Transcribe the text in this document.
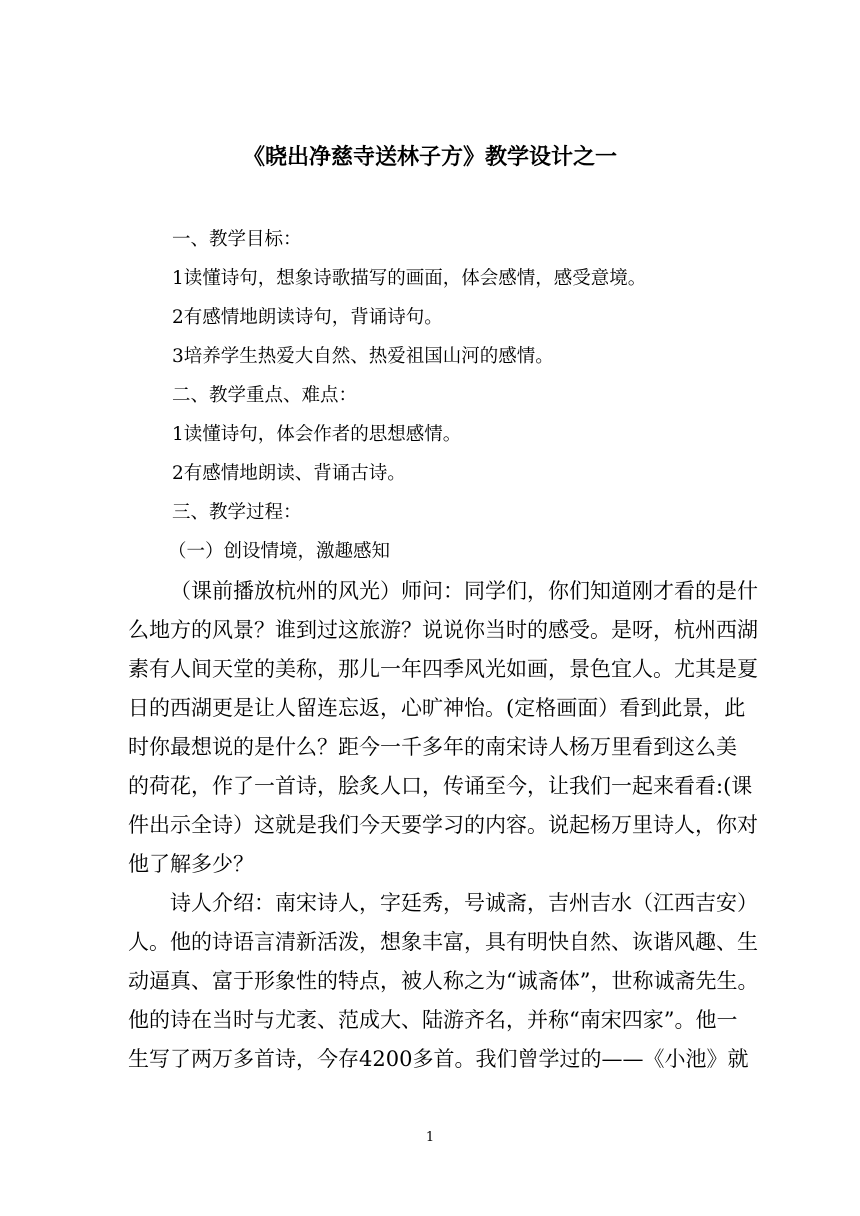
《晓出净慈寺送林子方》教学设计之一
一、教学目标：
1读懂诗句，想象诗歌描写的画面，体会感情，感受意境。
2有感情地朗读诗句，背诵诗句。
3培养学生热爱大自然、热爱祖国山河的感情。
二、教学重点、难点：
1读懂诗句，体会作者的思想感情。
2有感情地朗读、背诵古诗。
三、教学过程：
（一）创设情境，激趣感知
（课前播放杭州的风光）师问：同学们，你们知道刚才看的是什
么地方的风景？谁到过这旅游？说说你当时的感受。是呀，杭州西湖
素有人间天堂的美称，那儿一年四季风光如画，景色宜人。尤其是夏
日的西湖更是让人留连忘返，心旷神怡。(定格画面）看到此景，此
时你最想说的是什么？距今一千多年的南宋诗人杨万里看到这么美
的荷花，作了一首诗，脍炙人口，传诵至今，让我们一起来看看:(课
件出示全诗）这就是我们今天要学习的内容。说起杨万里诗人，你对
他了解多少？
诗人介绍：南宋诗人，字廷秀，号诚斋，吉州吉水（江西吉安）
人。他的诗语言清新活泼，想象丰富，具有明快自然、诙谐风趣、生
动逼真、富于形象性的特点，被人称之为“诚斋体”，世称诚斋先生。
他的诗在当时与尤袤、范成大、陆游齐名，并称“南宋四家”。他一
生写了两万多首诗，今存4200多首。我们曾学过的——《小池》就
1
